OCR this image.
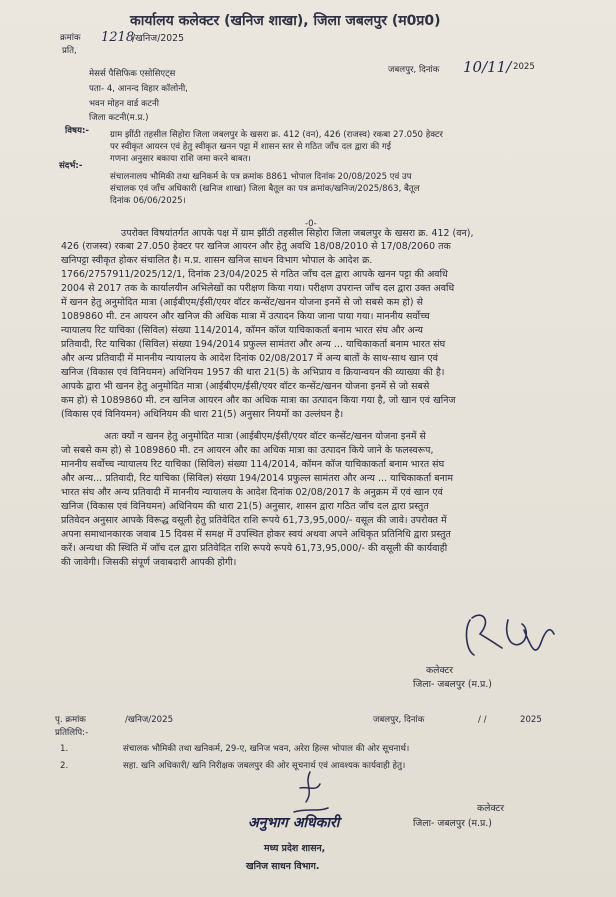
कार्यालय कलेक्टर (खनिज शाखा), जिला जबलपुर (म0प्र0)
क्रमांक 1218
/खनिज/2025
प्रति,
जबलपुर, दिनांक 10/11/ 2025
मेसर्स पैसिफिक एसोसिएट्स
पता- 4, आनन्द विहार कॉलोनी,
भवन मोहन वार्ड कटनी
जिला कटनी(म.प्र.)
विषय:- ग्राम झींठी तहसील सिहोरा जिला जबलपुर के खसरा क्र. 412 (वन), 426 (राजस्व) रकबा 27.050 हेक्टर
पर स्वीकृत आयरन एवं हेतु स्वीकृत खनन पट्टा में शासन स्तर से गठित जाँच दल द्वारा की गई
गणना अनुसार बकाया राशि जमा करने बाबत।
संदर्भ:-
संचालनालय भौमिकी तथा खनिकर्म के पत्र क्रमांक 8861 भोपाल दिनांक 20/08/2025 एवं उप
संचालक एवं जाँच अधिकारी (खनिज शाखा) जिला बैतूल का पत्र क्रमांक/खनिज/2025/863, बैतूल
दिनांक 06/06/2025।
-0-
उपरोक्त विषयांतर्गत आपके पक्ष में ग्राम झींठी तहसील सिहोरा जिला जबलपुर के खसरा क्र. 412 (वन),
426 (राजस्व) रकबा 27.050 हेक्टर पर खनिज आयरन और हेतु अवधि 18/08/2010 से 17/08/2060 तक
खनिपट्टा स्वीकृत होकर संचालित है। म.प्र. शासन खनिज साधन विभाग भोपाल के आदेश क्र.
1766/2757911/2025/12/1, दिनांक 23/04/2025 से गठित जाँच दल द्वारा आपके खनन पट्टा की अवधि
2004 से 2017 तक के कार्यालयीन अभिलेखों का परीक्षण किया गया। परीक्षण उपरान्त जाँच दल द्वारा उक्त अवधि
में खनन हेतु अनुमोदित मात्रा (आईबीएम/ईसी/एयर वॉटर कन्सेंट/खनन योजना इनमें से जो सबसे कम हो) से
1089860 मी. टन आयरन और खनिज की अधिक मात्रा में उत्पादन किया जाना पाया गया। माननीय सर्वोच्च
न्यायालय रिट याचिका (सिविल) संख्या 114/2014, कॉमन कॉज याचिकाकर्ता बनाम भारत संघ और अन्य
प्रतिवादी, रिट याचिका (सिविल) संख्या 194/2014 प्रफुल्ल सामंतरा और अन्य ... याचिकाकर्ता बनाम भारत संघ
और अन्य प्रतिवादी में माननीय न्यायालय के आदेश दिनांक 02/08/2017 में अन्य बातों के साथ-साथ खान एवं
खनिज (विकास एवं विनियमन) अधिनियम 1957 की धारा 21(5) के अभिप्राय व क्रियान्वयन की व्याख्या की है।
आपके द्वारा भी खनन हेतु अनुमोदित मात्रा (आईबीएम/ईसी/एयर वॉटर कन्सेंट/खनन योजना इनमें से जो सबसे
कम हो) से 1089860 मी. टन खनिज आयरन और का अधिक मात्रा का उत्पादन किया गया है, जो खान एवं खनिज
(विकास एवं विनियमन) अधिनियम की धारा 21(5) अनुसार नियमों का उल्लंघन है।
अतः क्यों न खनन हेतु अनुमोदित मात्रा (आईबीएम/ईसी/एयर वॉटर कन्सेंट/खनन योजना इनमें से
जो सबसे कम हो) से 1089860 मी. टन आयरन और का अधिक मात्रा का उत्पादन किये जाने के फलस्वरूप,
माननीय सर्वोच्च न्यायालय रिट याचिका (सिविल) संख्या 114/2014, कॉमन कॉज याचिकाकर्ता बनाम भारत संघ
और अन्य... प्रतिवादी, रिट याचिका (सिविल) संख्या 194/2014 प्रफुल्ल सामंतरा और अन्य ... याचिकाकर्ता बनाम
भारत संघ और अन्य प्रतिवादी में माननीय न्यायालय के आदेश दिनांक 02/08/2017 के अनुक्रम में एवं खान एवं
खनिज (विकास एवं विनियमन) अधिनियम की धारा 21(5) अनुसार, शासन द्वारा गठित जाँच दल द्वारा प्रस्तुत
प्रतिवेदन अनुसार आपके विरूद्ध वसूली हेतु प्रतिवेदित राशि रूपये 61,73,95,000/- वसूल की जावे। उपरोक्त में
अपना समाधानकारक जवाब 15 दिवस में समक्ष में उपस्थित होकर स्वयं अथवा अपने अधिकृत प्रतिनिधि द्वारा प्रस्तुत
करें। अन्यथा की स्थिति में जाँच दल द्वारा प्रतिवेदित राशि रूपये रूपये 61,73,95,000/- की वसूली की कार्यवाही
की जावेगी। जिसकी संपूर्ण जवाबदारी आपकी होगी।
कलेक्टर
जिला- जबलपुर (म.प्र.)
पृ. क्रमांक	/खनिज/2025	जबलपुर, दिनांक	/ /	2025
प्रतिलिपि:-
1.	संचालक भौमिकी तथा खनिकर्म, 29-ए, खनिज भवन, अरेरा हिल्स भोपाल की ओर सूचनार्थ।
2.	सहा. खनि अधिकारी/ खनि निरीक्षक जबलपुर की ओर सूचनार्थ एवं आवश्यक कार्यवाही हेतु।
कलेक्टर
जिला- जबलपुर (म.प्र.)
अनुभाग अधिकारी
मध्य प्रदेश शासन,
खनिज साधन विभाग.
